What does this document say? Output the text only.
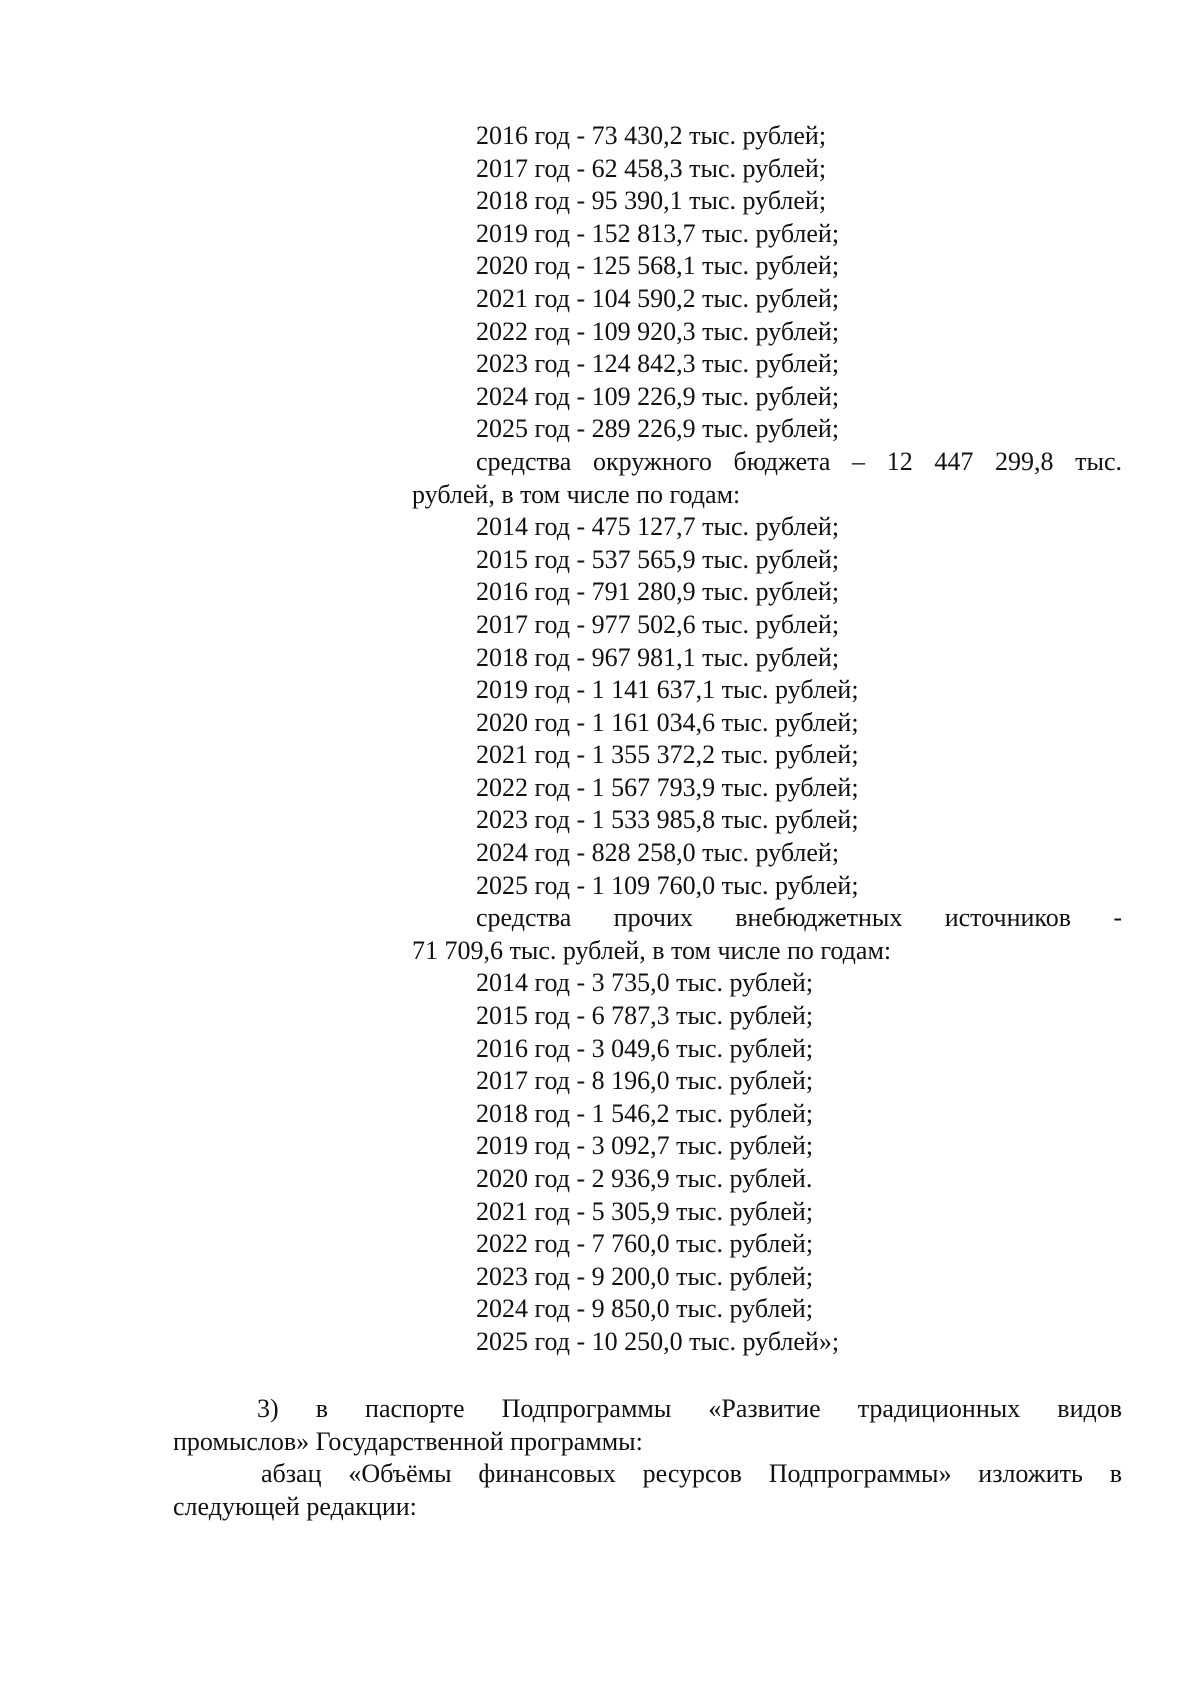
2016 год - 73 430,2 тыс. рублей;
2017 год - 62 458,3 тыс. рублей;
2018 год - 95 390,1 тыс. рублей;
2019 год - 152 813,7 тыс. рублей;
2020 год - 125 568,1 тыс. рублей;
2021 год - 104 590,2 тыс. рублей;
2022 год - 109 920,3 тыс. рублей;
2023 год - 124 842,3 тыс. рублей;
2024 год - 109 226,9 тыс. рублей;
2025 год - 289 226,9 тыс. рублей;
средства окружного бюджета – 12 447 299,8 тыс.
рублей, в том числе по годам:
2014 год - 475 127,7 тыс. рублей;
2015 год - 537 565,9 тыс. рублей;
2016 год - 791 280,9 тыс. рублей;
2017 год - 977 502,6 тыс. рублей;
2018 год - 967 981,1 тыс. рублей;
2019 год - 1 141 637,1 тыс. рублей;
2020 год - 1 161 034,6 тыс. рублей;
2021 год - 1 355 372,2 тыс. рублей;
2022 год - 1 567 793,9 тыс. рублей;
2023 год - 1 533 985,8 тыс. рублей;
2024 год - 828 258,0 тыс. рублей;
2025 год - 1 109 760,0 тыс. рублей;
средства прочих внебюджетных источников -
71 709,6 тыс. рублей, в том числе по годам:
2014 год - 3 735,0 тыс. рублей;
2015 год - 6 787,3 тыс. рублей;
2016 год - 3 049,6 тыс. рублей;
2017 год - 8 196,0 тыс. рублей;
2018 год - 1 546,2 тыс. рублей;
2019 год - 3 092,7 тыс. рублей;
2020 год - 2 936,9 тыс. рублей.
2021 год - 5 305,9 тыс. рублей;
2022 год - 7 760,0 тыс. рублей;
2023 год - 9 200,0 тыс. рублей;
2024 год - 9 850,0 тыс. рублей;
2025 год - 10 250,0 тыс. рублей»;
3) в паспорте Подпрограммы «Развитие традиционных видов
промыслов» Государственной программы:
абзац «Объёмы финансовых ресурсов Подпрограммы» изложить в
следующей редакции:
